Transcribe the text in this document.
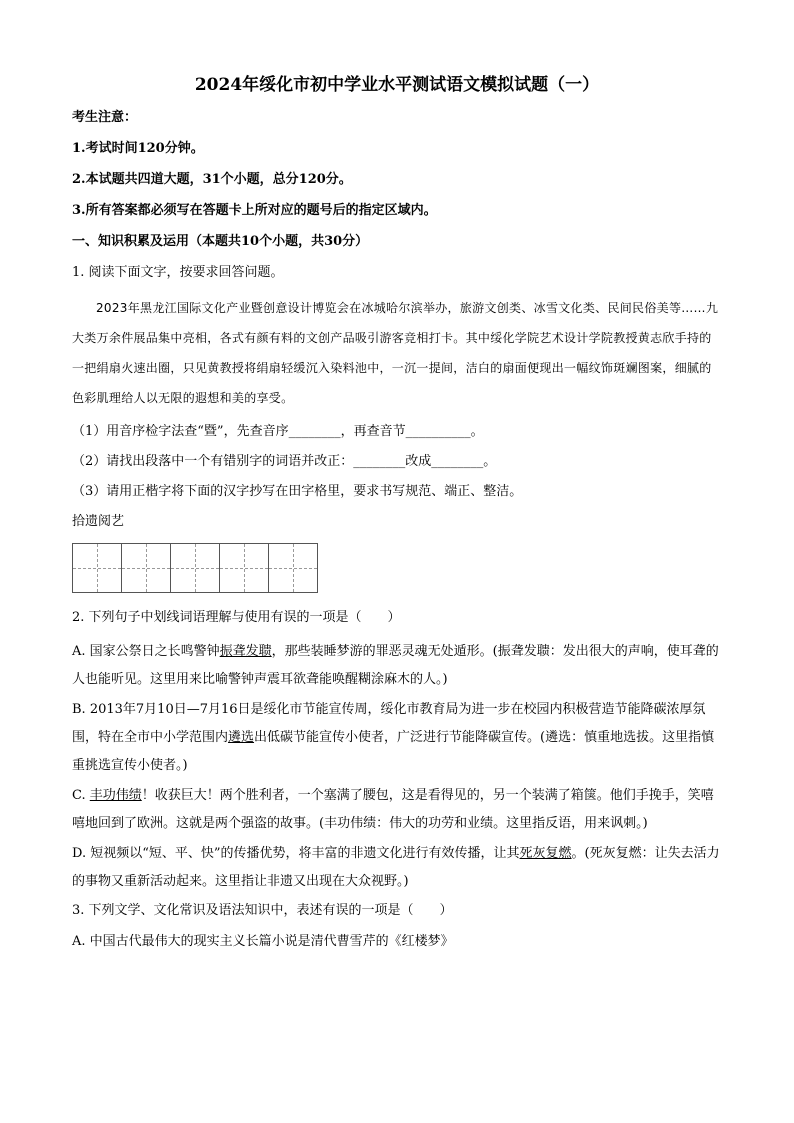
2024年绥化市初中学业水平测试语文模拟试题（一）

考生注意：

1.考试时间120分钟。

2.本试题共四道大题，31个小题，总分120分。

3.所有答案都必须写在答题卡上所对应的题号后的指定区域内。

一、知识积累及运用（本题共10个小题，共30分）

1. 阅读下面文字，按要求回答问题。

2023年黑龙江国际文化产业暨创意设计博览会在冰城哈尔滨举办，旅游文创类、冰雪文化类、民间民俗美等……九大类万余件展品集中亮相，各式有颜有料的文创产品吸引游客竞相打卡。其中绥化学院艺术设计学院教授黄志欣手持的一把绢扇火速出圈，只见黄教授将绢扇轻缓沉入染料池中，一沉一提间，洁白的扇面便现出一幅纹饰斑斓图案，细腻的色彩肌理给人以无限的遐想和美的享受。

（1）用音序检字法查“暨”，先查音序________，再查音节__________。

（2）请找出段落中一个有错别字的词语并改正：________改成________。

（3）请用正楷字将下面的汉字抄写在田字格里，要求书写规范、端正、整洁。

拾遗阅艺

2. 下列句子中划线词语理解与使用有误的一项是（　　）

A. 国家公祭日之长鸣警钟振聋发聩，那些装睡梦游的罪恶灵魂无处遁形。(振聋发聩：发出很大的声响，使耳聋的人也能听见。这里用来比喻警钟声震耳欲聋能唤醒糊涂麻木的人。)

B. 2013年7月10日—7月16日是绥化市节能宣传周，绥化市教育局为进一步在校园内积极营造节能降碳浓厚氛围，特在全市中小学范围内遴选出低碳节能宣传小使者，广泛进行节能降碳宣传。(遴选：慎重地选拔。这里指慎重挑选宣传小使者。)

C. 丰功伟绩！收获巨大！两个胜利者，一个塞满了腰包，这是看得见的，另一个装满了箱箧。他们手挽手，笑嘻嘻地回到了欧洲。这就是两个强盗的故事。(丰功伟绩：伟大的功劳和业绩。这里指反语，用来讽刺。)

D. 短视频以“短、平、快”的传播优势，将丰富的非遗文化进行有效传播，让其死灰复燃。(死灰复燃：让失去活力的事物又重新活动起来。这里指让非遗又出现在大众视野。)

3. 下列文学、文化常识及语法知识中，表述有误的一项是（　　）

A. 中国古代最伟大的现实主义长篇小说是清代曹雪芹的《红楼梦》
